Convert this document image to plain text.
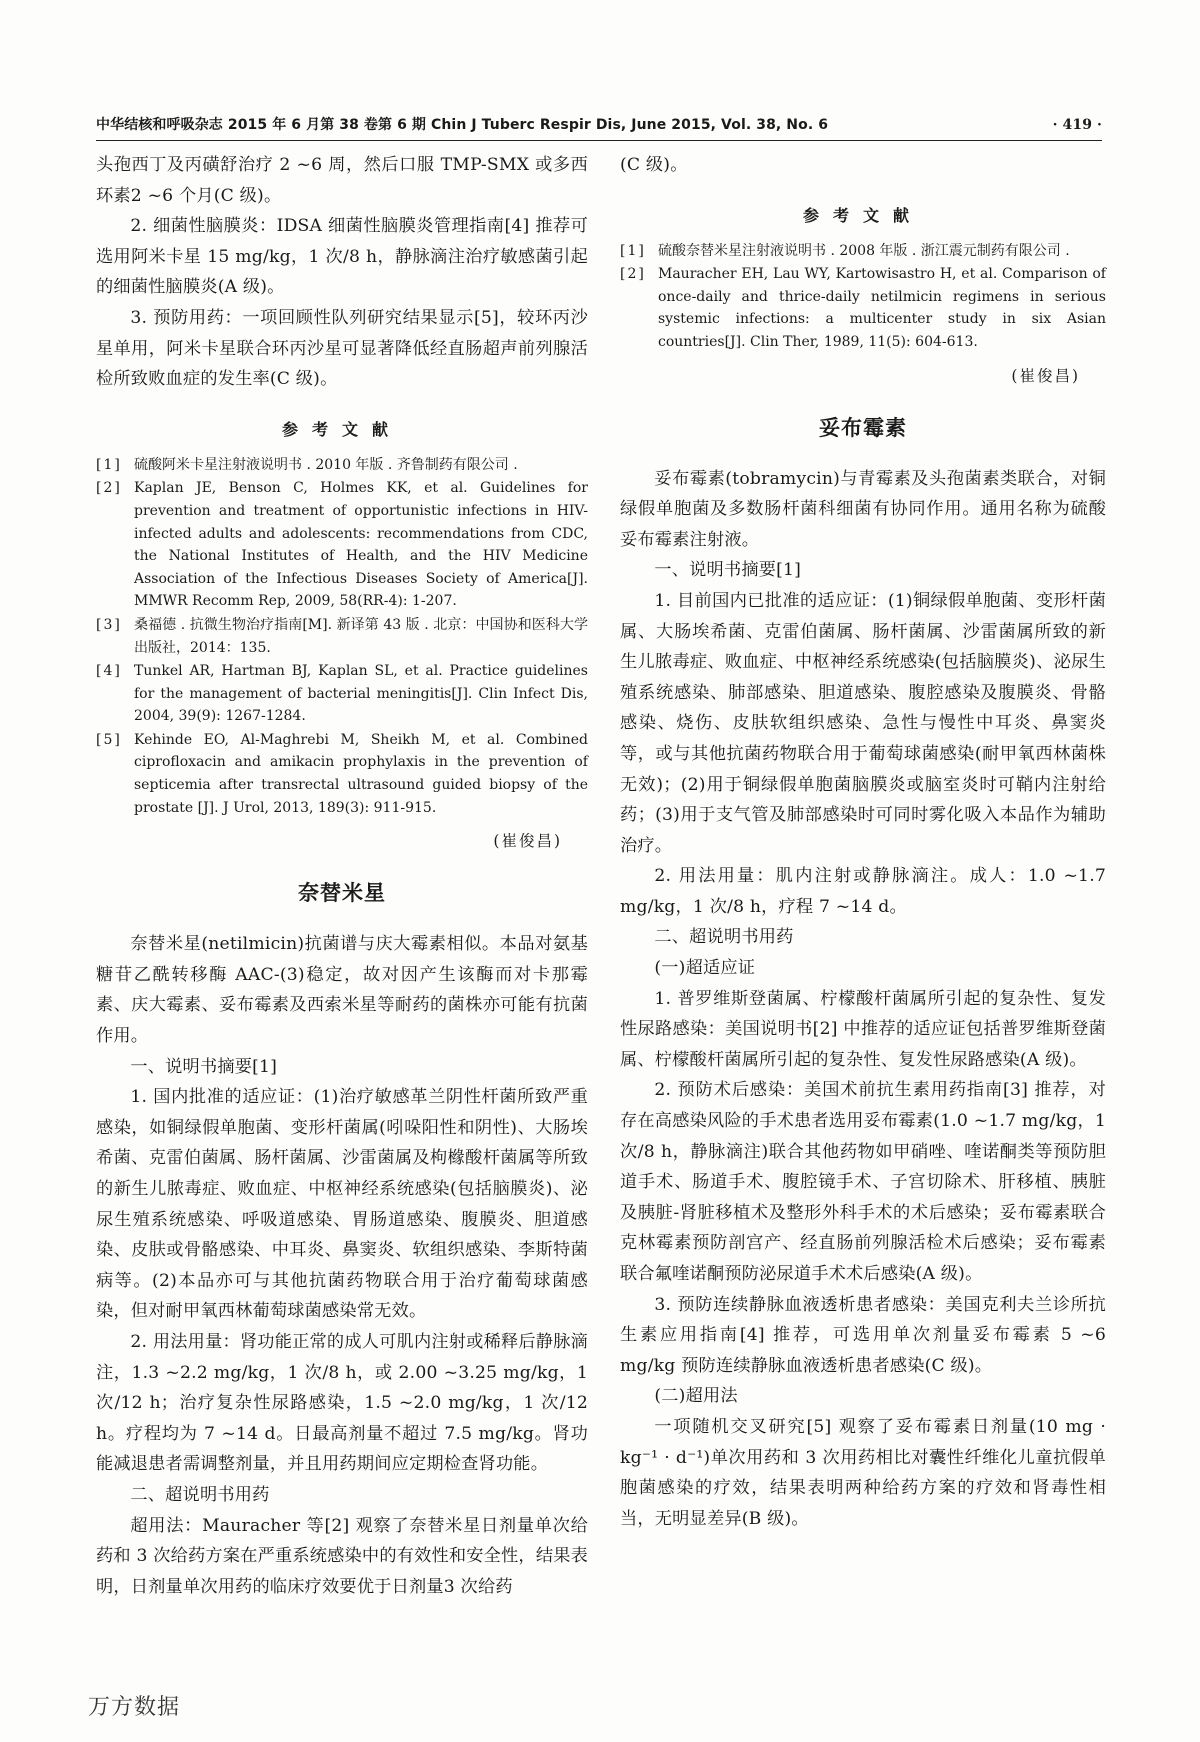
中华结核和呼吸杂志 2015 年 6 月第 38 卷第 6 期 Chin J Tuberc Respir Dis, June 2015, Vol. 38, No. 6	· 419 ·

头孢西丁及丙磺舒治疗 2 ~6 周，然后口服 TMP-SMX 或多西环素2 ~6 个月(C 级)。

2. 细菌性脑膜炎：IDSA 细菌性脑膜炎管理指南[4] 推荐可选用阿米卡星 15 mg/kg，1 次/8 h，静脉滴注治疗敏感菌引起的细菌性脑膜炎(A 级)。

3. 预防用药：一项回顾性队列研究结果显示[5]，较环丙沙星单用，阿米卡星联合环丙沙星可显著降低经直肠超声前列腺活检所致败血症的发生率(C 级)。

参考文献
[1] 硫酸阿米卡星注射液说明书 . 2010 年版 . 齐鲁制药有限公司 .
[2] Kaplan JE, Benson C, Holmes KK, et al. Guidelines for prevention and treatment of opportunistic infections in HIV-infected adults and adolescents: recommendations from CDC, the National Institutes of Health, and the HIV Medicine Association of the Infectious Diseases Society of America[J]. MMWR Recomm Rep, 2009, 58(RR-4): 1-207.
[3] 桑福德 . 抗微生物治疗指南[M]. 新译第 43 版 . 北京：中国协和医科大学出版社，2014：135.
[4] Tunkel AR, Hartman BJ, Kaplan SL, et al. Practice guidelines for the management of bacterial meningitis[J]. Clin Infect Dis, 2004, 39(9): 1267-1284.
[5] Kehinde EO, Al-Maghrebi M, Sheikh M, et al. Combined ciprofloxacin and amikacin prophylaxis in the prevention of septicemia after transrectal ultrasound guided biopsy of the prostate [J]. J Urol, 2013, 189(3): 911-915.
(崔俊昌)
奈替米星

奈替米星(netilmicin)抗菌谱与庆大霉素相似。本品对氨基糖苷乙酰转移酶 AAC-(3)稳定，故对因产生该酶而对卡那霉素、庆大霉素、妥布霉素及西索米星等耐药的菌株亦可能有抗菌作用。

一、说明书摘要[1]

1. 国内批准的适应证：(1)治疗敏感革兰阴性杆菌所致严重感染，如铜绿假单胞菌、变形杆菌属(吲哚阳性和阴性)、大肠埃希菌、克雷伯菌属、肠杆菌属、沙雷菌属及枸橼酸杆菌属等所致的新生儿脓毒症、败血症、中枢神经系统感染(包括脑膜炎)、泌尿生殖系统感染、呼吸道感染、胃肠道感染、腹膜炎、胆道感染、皮肤或骨骼感染、中耳炎、鼻窦炎、软组织感染、李斯特菌病等。(2)本品亦可与其他抗菌药物联合用于治疗葡萄球菌感染，但对耐甲氧西林葡萄球菌感染常无效。

2. 用法用量：肾功能正常的成人可肌内注射或稀释后静脉滴注，1.3 ~2.2 mg/kg，1 次/8 h，或 2.00 ~3.25 mg/kg，1 次/12 h；治疗复杂性尿路感染，1.5 ~2.0 mg/kg，1 次/12 h。疗程均为 7 ~14 d。日最高剂量不超过 7.5 mg/kg。肾功能减退患者需调整剂量，并且用药期间应定期检查肾功能。

二、超说明书用药

超用法：Mauracher 等[2] 观察了奈替米星日剂量单次给药和 3 次给药方案在严重系统感染中的有效性和安全性，结果表明，日剂量单次用药的临床疗效要优于日剂量3 次给药

(C 级)。

参考文献
[1] 硫酸奈替米星注射液说明书 . 2008 年版 . 浙江震元制药有限公司 .
[2] Mauracher EH, Lau WY, Kartowisastro H, et al. Comparison of once-daily and thrice-daily netilmicin regimens in serious systemic infections: a multicenter study in six Asian countries[J]. Clin Ther, 1989, 11(5): 604-613.
(崔俊昌)
妥布霉素

妥布霉素(tobramycin)与青霉素及头孢菌素类联合，对铜绿假单胞菌及多数肠杆菌科细菌有协同作用。通用名称为硫酸妥布霉素注射液。

一、说明书摘要[1]

1. 目前国内已批准的适应证：(1)铜绿假单胞菌、变形杆菌属、大肠埃希菌、克雷伯菌属、肠杆菌属、沙雷菌属所致的新生儿脓毒症、败血症、中枢神经系统感染(包括脑膜炎)、泌尿生殖系统感染、肺部感染、胆道感染、腹腔感染及腹膜炎、骨骼感染、烧伤、皮肤软组织感染、急性与慢性中耳炎、鼻窦炎等，或与其他抗菌药物联合用于葡萄球菌感染(耐甲氧西林菌株无效)；(2)用于铜绿假单胞菌脑膜炎或脑室炎时可鞘内注射给药；(3)用于支气管及肺部感染时可同时雾化吸入本品作为辅助治疗。

2. 用法用量：肌内注射或静脉滴注。成人：1.0 ~1.7 mg/kg，1 次/8 h，疗程 7 ~14 d。

二、超说明书用药

(一)超适应证

1. 普罗维斯登菌属、柠檬酸杆菌属所引起的复杂性、复发性尿路感染：美国说明书[2] 中推荐的适应证包括普罗维斯登菌属、柠檬酸杆菌属所引起的复杂性、复发性尿路感染(A 级)。

2. 预防术后感染：美国术前抗生素用药指南[3] 推荐，对存在高感染风险的手术患者选用妥布霉素(1.0 ~1.7 mg/kg，1 次/8 h，静脉滴注)联合其他药物如甲硝唑、喹诺酮类等预防胆道手术、肠道手术、腹腔镜手术、子宫切除术、肝移植、胰脏及胰脏-肾脏移植术及整形外科手术的术后感染；妥布霉素联合克林霉素预防剖宫产、经直肠前列腺活检术后感染；妥布霉素联合氟喹诺酮预防泌尿道手术术后感染(A 级)。

3. 预防连续静脉血液透析患者感染：美国克利夫兰诊所抗生素应用指南[4] 推荐，可选用单次剂量妥布霉素 5 ~6 mg/kg 预防连续静脉血液透析患者感染(C 级)。

(二)超用法

一项随机交叉研究[5] 观察了妥布霉素日剂量(10 mg · kg⁻¹ · d⁻¹)单次用药和 3 次用药相比对囊性纤维化儿童抗假单胞菌感染的疗效，结果表明两种给药方案的疗效和肾毒性相当，无明显差异(B 级)。

万方数据
